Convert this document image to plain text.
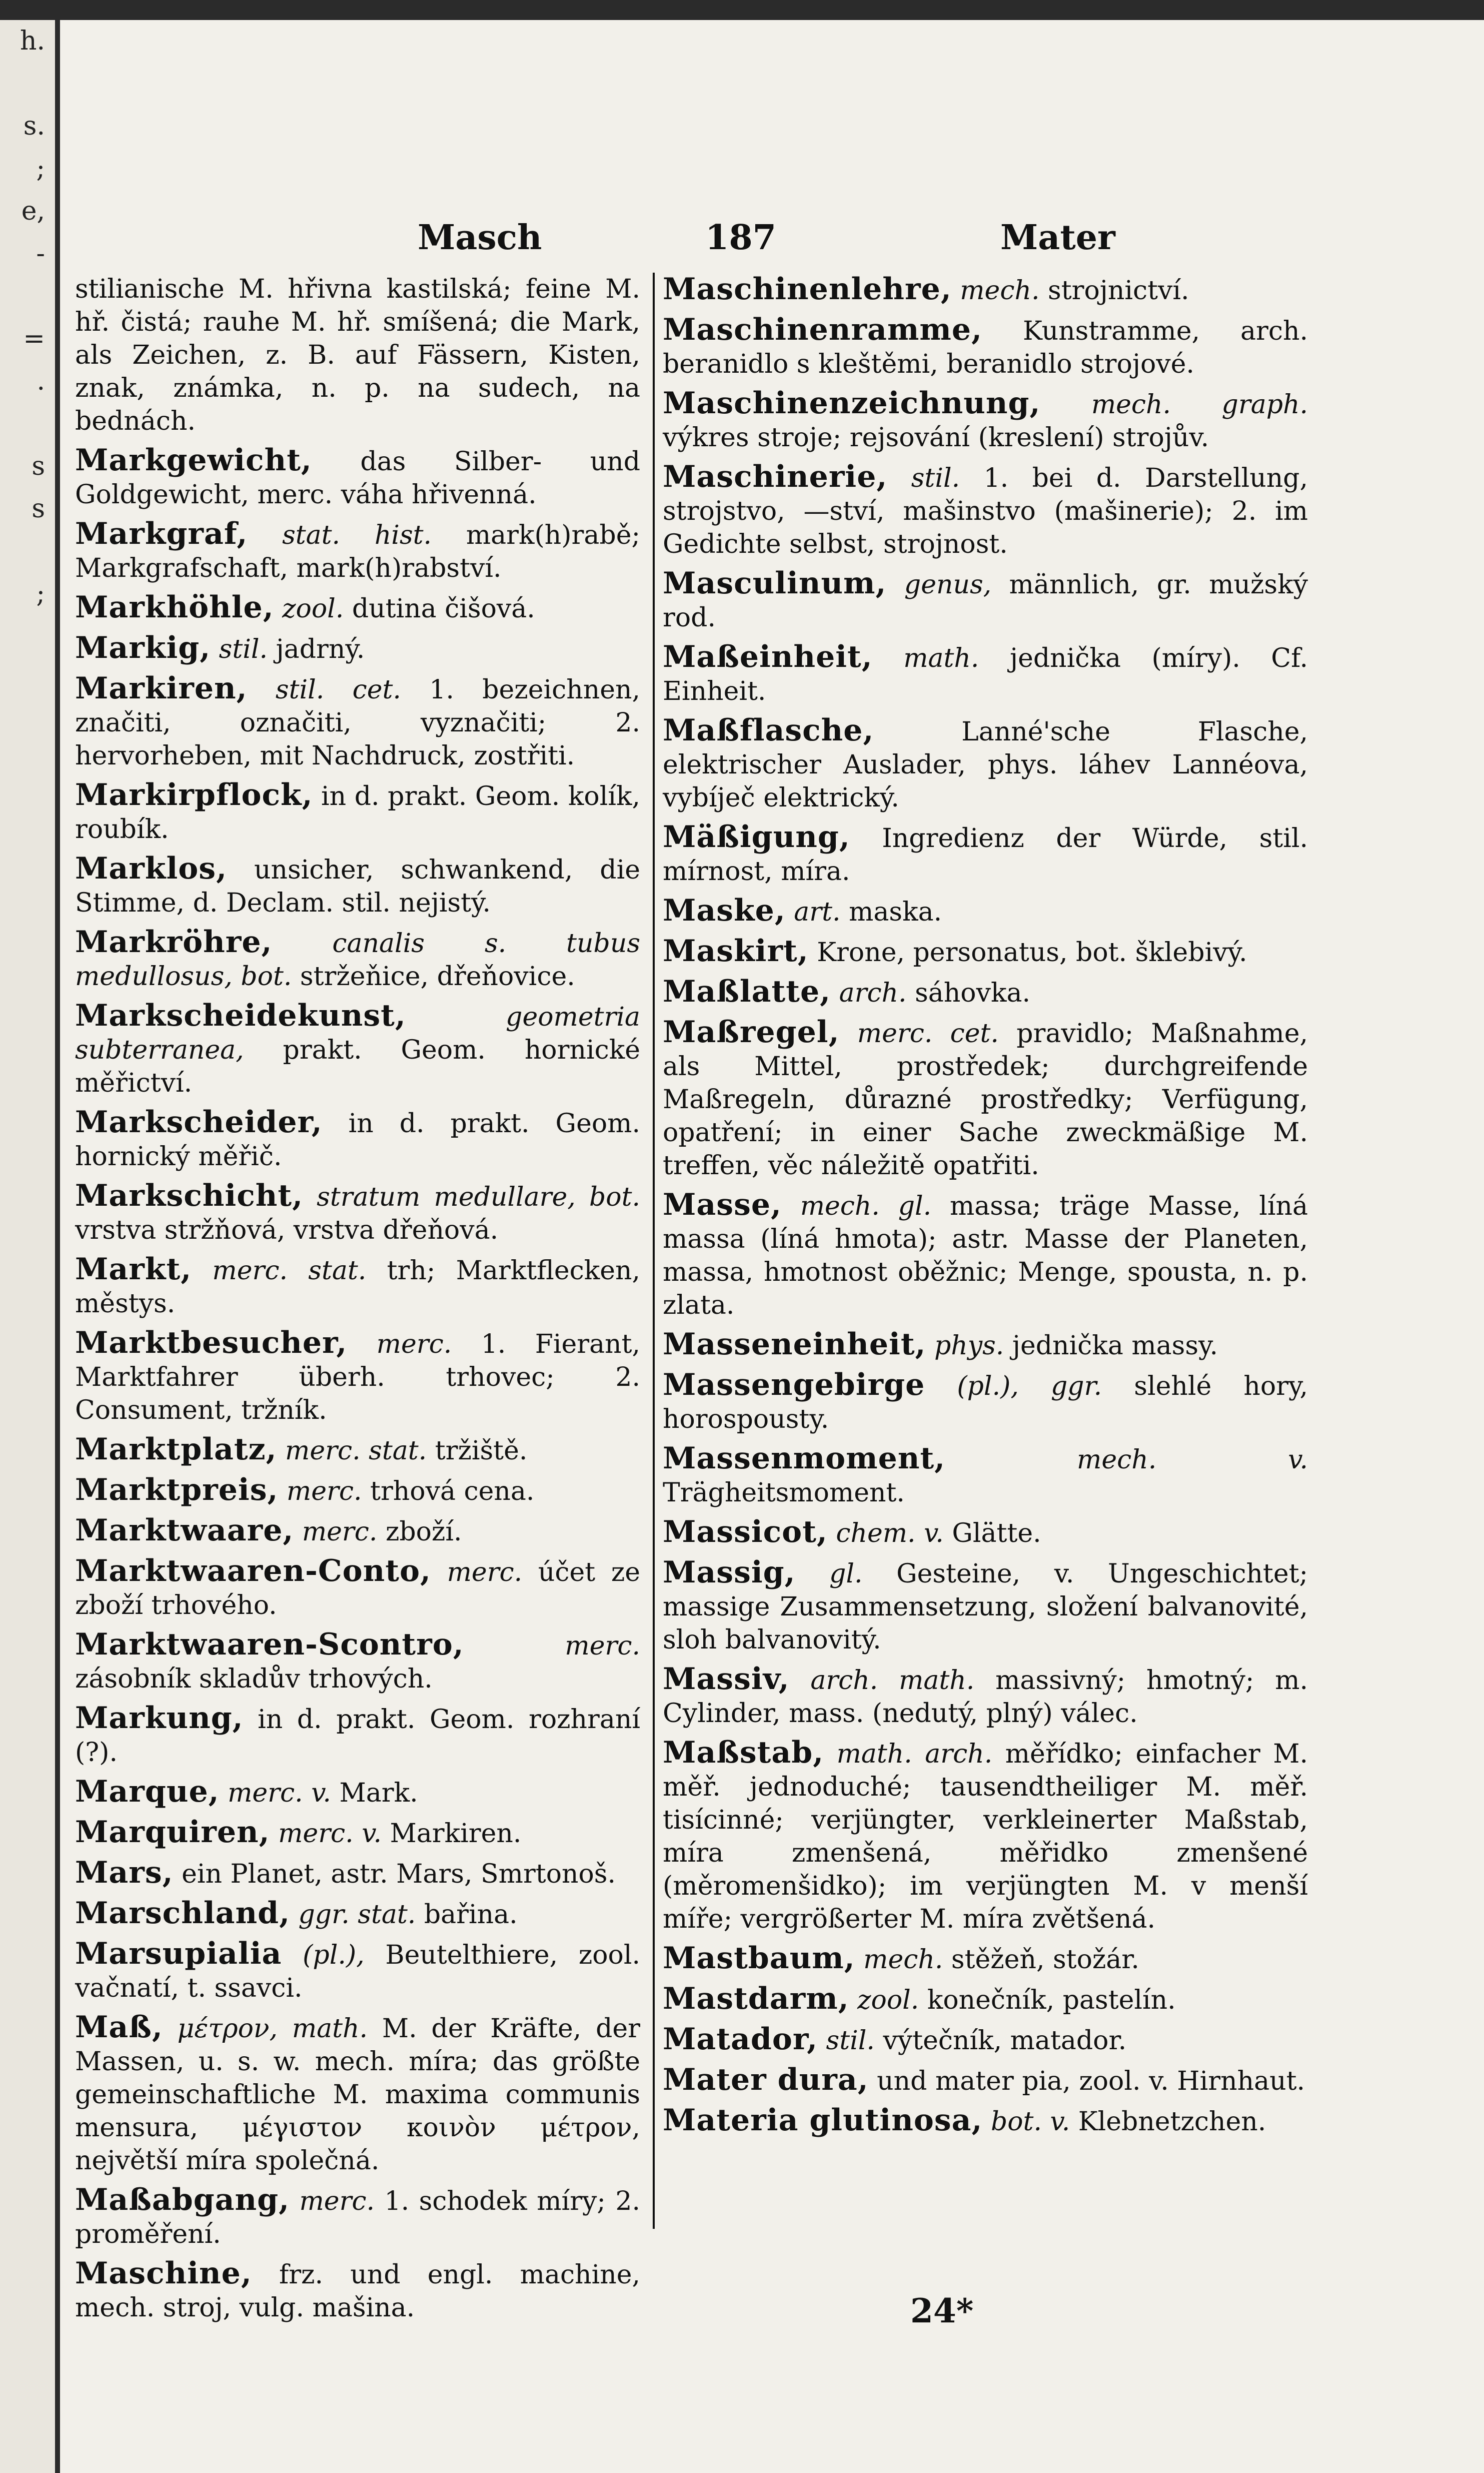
h.

s.
;
e,
-

=
.

s
s

;

Masch	187	Mater

stilianische M. hřivna kastilská; feine M. hř. čistá; rauhe M. hř. smíšená; die Mark, als Zeichen, z. B. auf Fässern, Kisten, znak, známka, n. p. na sudech, na bednách.

Markgewicht, das Silber- und Goldgewicht, merc. váha hřivenná.

Markgraf, stat. hist. mark(h)rabě; Markgrafschaft, mark(h)rabství.

Markhöhle, zool. dutina čišová.

Markig, stil. jadrný.

Markiren, stil. cet. 1. bezeichnen, značiti, označiti, vyznačiti; 2. hervorheben, mit Nachdruck, zostřiti.

Markirpflock, in d. prakt. Geom. kolík, roubík.

Marklos, unsicher, schwankend, die Stimme, d. Declam. stil. nejistý.

Markröhre, canalis s. tubus medullosus, bot. stržeňice, dřeňovice.

Markscheidekunst,	geometria subterranea, prakt. Geom. hornické měřictví.

Markscheider, in d. prakt. Geom. hornický měřič.

Markschicht, stratum medullare, bot. vrstva stržňová, vrstva dřeňová.

Markt, merc. stat. trh; Marktflecken, městys.

Marktbesucher, merc. 1. Fierant, Marktfahrer überh. trhovec; 2. Consument, tržník.

Marktplatz, merc. stat. tržiště.

Marktpreis, merc. trhová cena.

Marktwaare, merc. zboží.

Marktwaaren-Conto, merc. účet ze zboží trhového.

Marktwaaren-Scontro,	merc. zásobník skladův trhových.

Markung, in d. prakt. Geom. rozhraní (?).

Marque, merc. v. Mark.

Marquiren, merc. v. Markiren.

Mars, ein Planet, astr. Mars, Smrtonoš.

Marschland, ggr. stat. bařina.

Marsupialia (pl.), Beutelthiere, zool. vačnatí, t. ssavci.

Maß, μέτρον, math. M. der Kräfte, der Massen, u. s. w. mech. míra; das größte gemeinschaftliche M. maxima communis mensura, μέγιστον κοινὸν μέτρον, největší míra společná.

Maßabgang, merc. 1. schodek míry; 2. proměření.

Maschine, frz. und engl. machine, mech. stroj, vulg. mašina.

Maschinenlehre, mech. strojnictví.

Maschinenramme, Kunstramme, arch. beranidlo s kleštěmi, beranidlo strojové.

Maschinenzeichnung, mech. graph. výkres stroje; rejsování (kreslení) strojův.

Maschinerie, stil. 1. bei d. Darstellung, strojstvo, —ství, mašinstvo (mašinerie); 2. im Gedichte selbst, strojnost.

Masculinum, genus, männlich, gr. mužský rod.

Maßeinheit, math. jednička (míry). Cf. Einheit.

Maßflasche,	Lanné'sche Flasche, elektrischer Auslader, phys. láhev Lannéova, vybíječ elektrický.

Mäßigung, Ingredienz der Würde, stil. mírnost, míra.

Maske, art. maska.

Maskirt, Krone, personatus, bot. šklebivý.

Maßlatte, arch. sáhovka.

Maßregel, merc. cet. pravidlo; Maßnahme, als Mittel, prostředek; durchgreifende Maßregeln, důrazné prostředky; Verfügung, opatření; in einer Sache zweckmäßige M. treffen, věc náležitě opatřiti.

Masse, mech. gl. massa; träge Masse, líná massa (líná hmota); astr. Masse der Planeten, massa, hmotnost oběžnic; Menge, spousta, n. p. zlata.

Masseneinheit, phys. jednička massy.

Massengebirge (pl.), ggr. slehlé hory, horospousty.

Massenmoment,	mech. v. Trägheitsmoment.

Massicot, chem. v. Glätte.

Massig, gl. Gesteine, v. Ungeschichtet; massige Zusammensetzung, složení balvanovité, sloh balvanovitý.

Massiv, arch. math. massivný; hmotný; m. Cylinder, mass. (nedutý, plný) válec.

Maßstab, math. arch. měřídko; einfacher M. měř. jednoduché; tausendtheiliger M. měř. tisícinné; verjüngter, verkleinerter Maßstab, míra zmenšená, měřidko zmenšené (měromenšidko); im verjüngten M. v menší míře; vergrößerter M. míra zvětšená.

Mastbaum, mech. stěžeň, stožár.

Mastdarm, zool. konečník, pastelín.

Matador, stil. výtečník, matador.

Mater dura, und mater pia, zool. v. Hirnhaut.

Materia glutinosa, bot. v. Klebnetzchen.

24*
